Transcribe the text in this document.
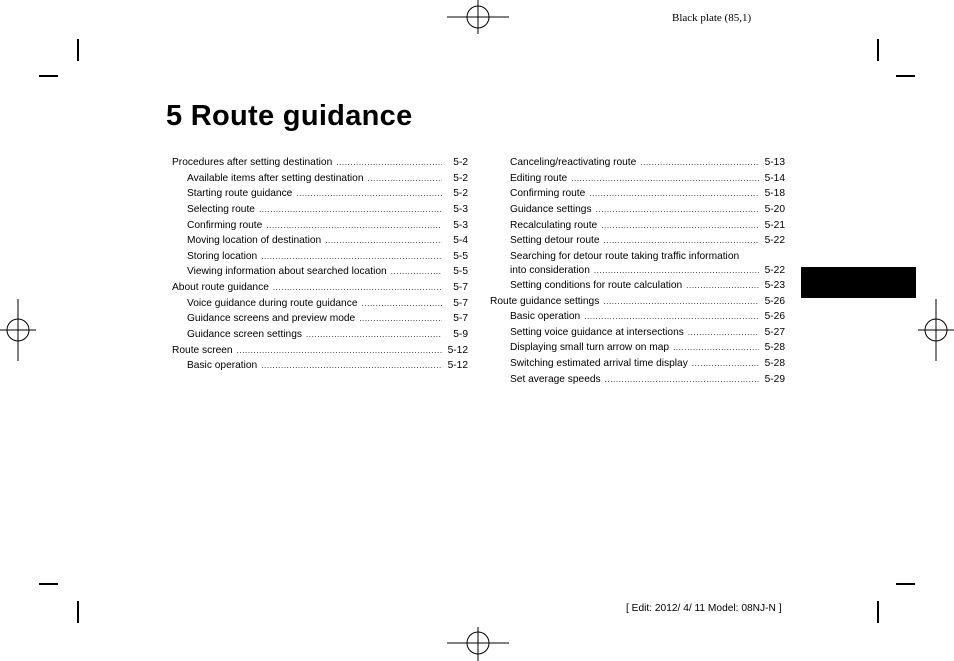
Black plate (85,1)
5 Route guidance
Procedures after setting destination .....	5-2
Available items after setting destination .....	5-2
Starting route guidance .....	5-2
Selecting route .....	5-3
Confirming route .....	5-3
Moving location of destination .....	5-4
Storing location .....	5-5
Viewing information about searched location .....	5-5
About route guidance .....	5-7
Voice guidance during route guidance .....	5-7
Guidance screens and preview mode .....	5-7
Guidance screen settings .....	5-9
Route screen .....	5-12
Basic operation .....	5-12
Canceling/reactivating route .....	5-13
Editing route .....	5-14
Confirming route .....	5-18
Guidance settings .....	5-20
Recalculating route .....	5-21
Setting detour route .....	5-22
Searching for detour route taking traffic information
into consideration .....	5-22
Setting conditions for route calculation .....	5-23
Route guidance settings .....	5-26
Basic operation .....	5-26
Setting voice guidance at intersections .....	5-27
Displaying small turn arrow on map .....	5-28
Switching estimated arrival time display .....	5-28
Set average speeds .....	5-29
[ Edit: 2012/ 4/ 11 Model: 08NJ-N ]
